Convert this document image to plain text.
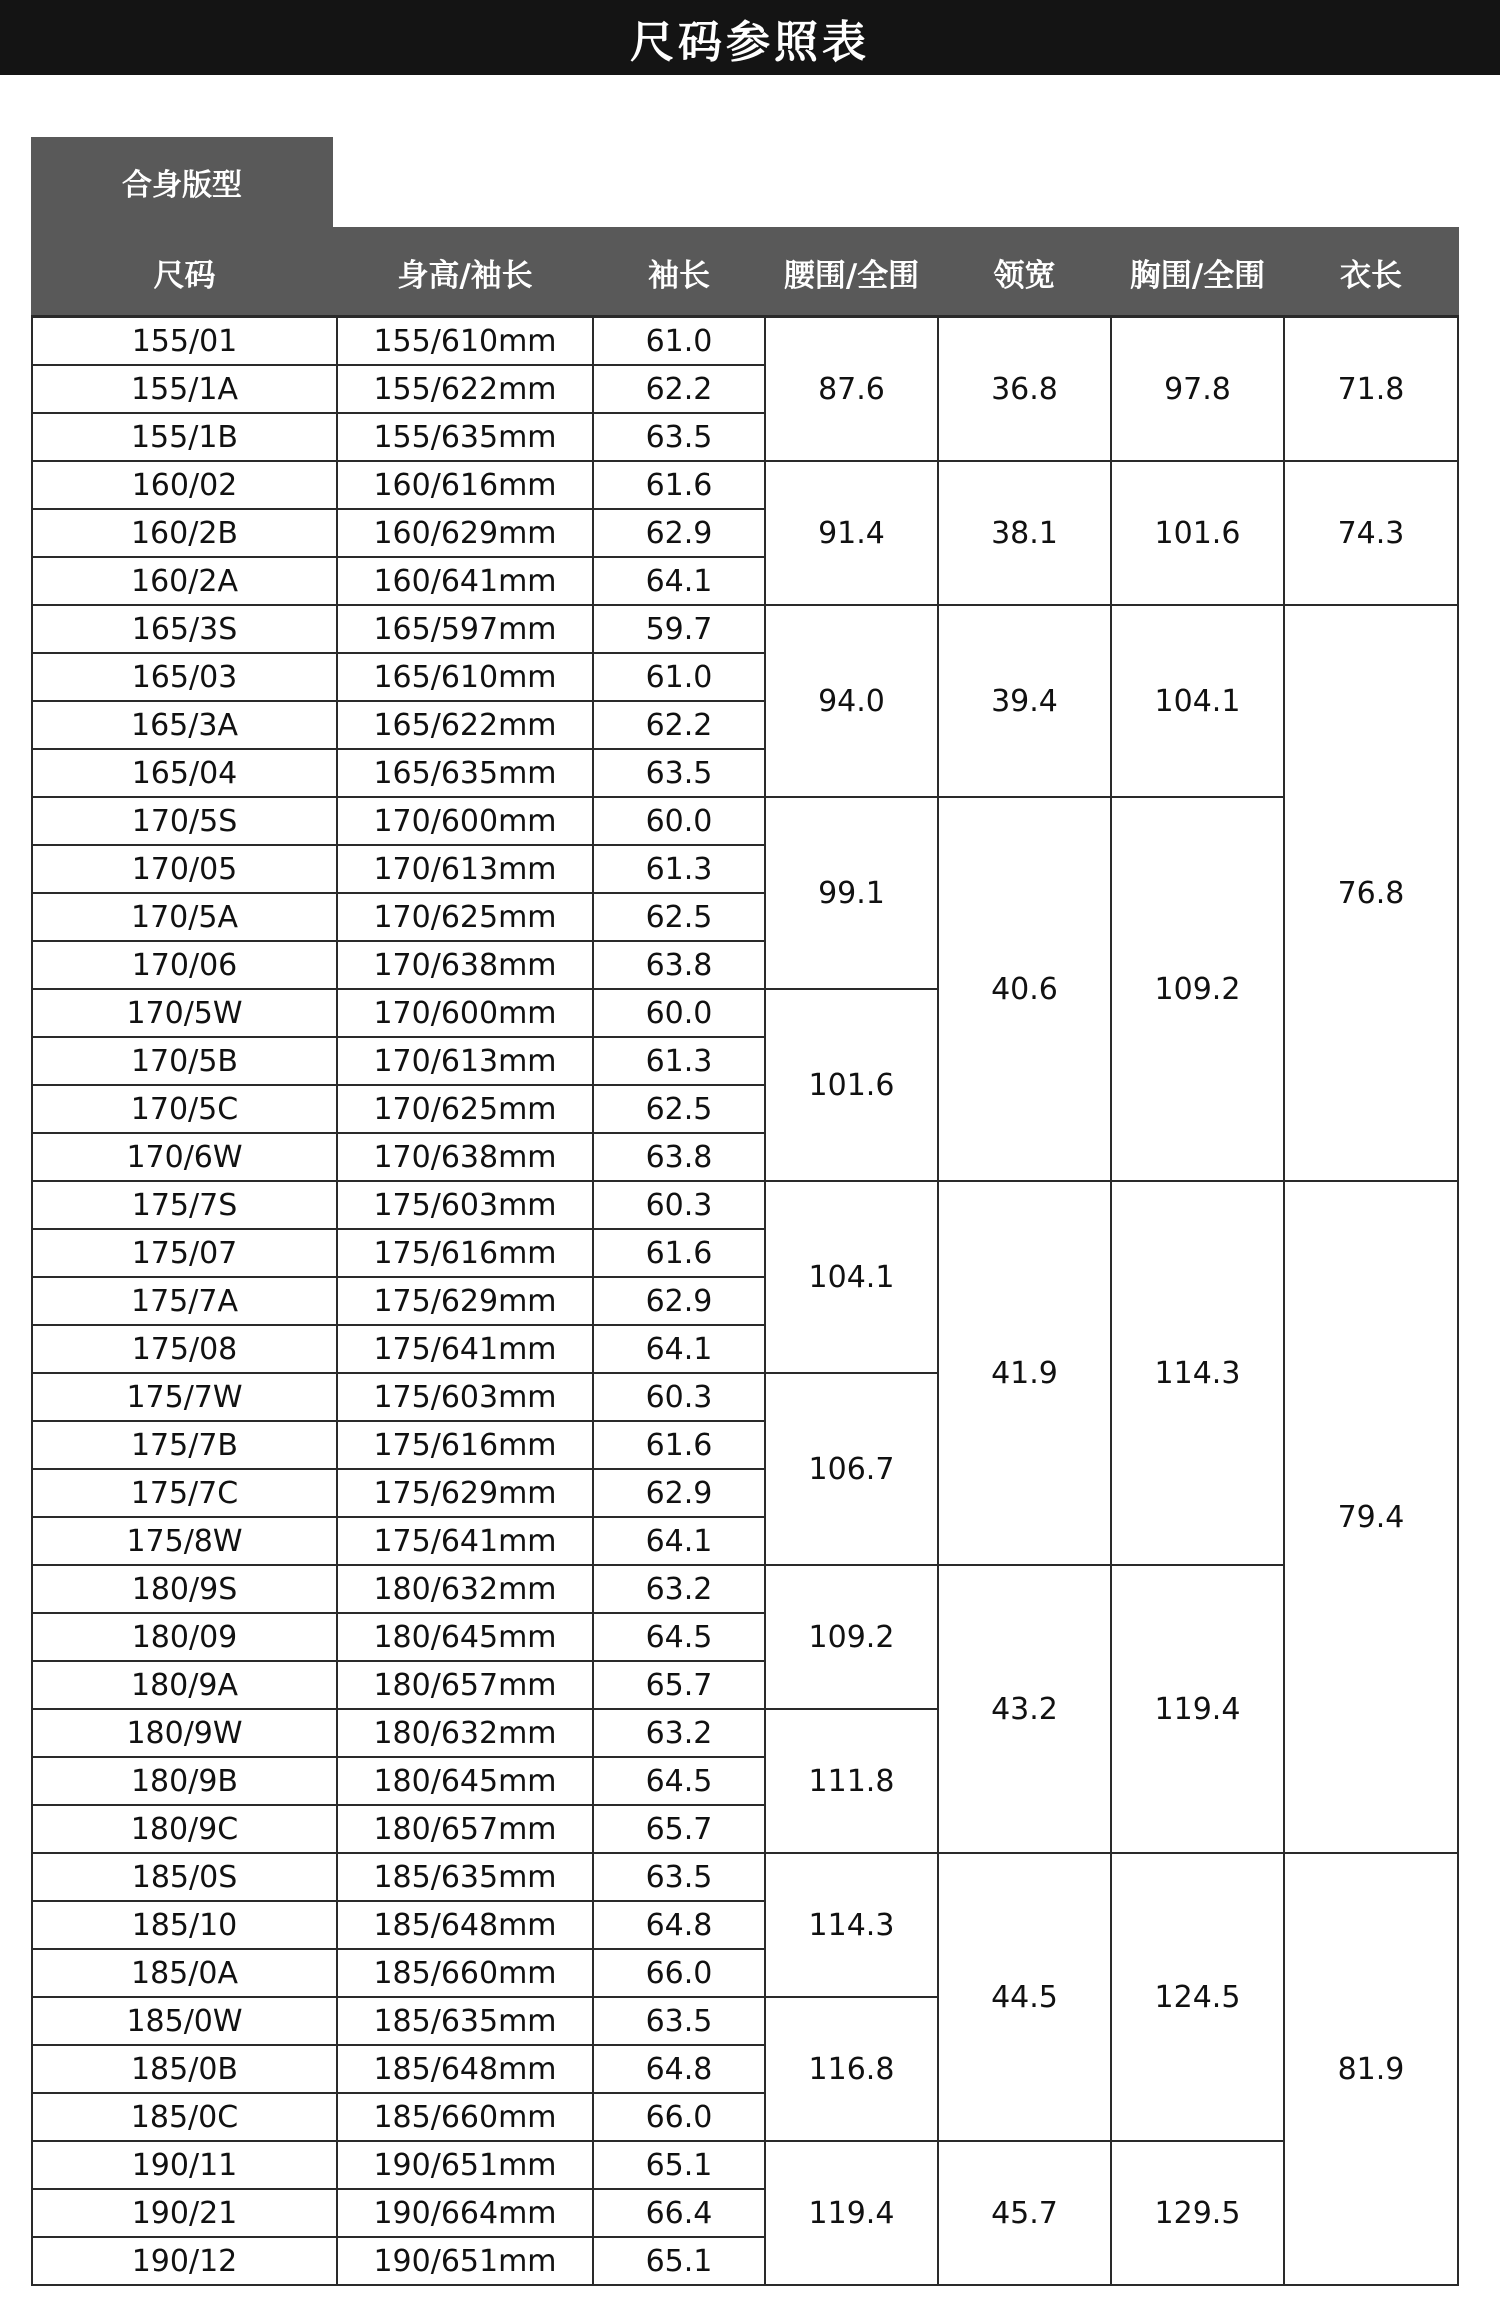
尺码参照表
合身版型
尺码	身高/袖长	袖长	腰围/全围	领宽	胸围/全围	衣长
155/01	155/610mm	61.0	87.6	36.8	97.8	71.8
155/1A	155/622mm	62.2				
155/1B	155/635mm	63.5				
160/02	160/616mm	61.6	91.4	38.1	101.6	74.3
160/2B	160/629mm	62.9				
160/2A	160/641mm	64.1				
165/3S	165/597mm	59.7	94.0	39.4	104.1	76.8
165/03	165/610mm	61.0				
165/3A	165/622mm	62.2				
165/04	165/635mm	63.5				
170/5S	170/600mm	60.0	99.1	40.6	109.2	
170/05	170/613mm	61.3				
170/5A	170/625mm	62.5				
170/06	170/638mm	63.8				
170/5W	170/600mm	60.0	101.6			
170/5B	170/613mm	61.3				
170/5C	170/625mm	62.5				
170/6W	170/638mm	63.8				
175/7S	175/603mm	60.3	104.1	41.9	114.3	79.4
175/07	175/616mm	61.6				
175/7A	175/629mm	62.9				
175/08	175/641mm	64.1				
175/7W	175/603mm	60.3	106.7			
175/7B	175/616mm	61.6				
175/7C	175/629mm	62.9				
175/8W	175/641mm	64.1				
180/9S	180/632mm	63.2	109.2	43.2	119.4	
180/09	180/645mm	64.5				
180/9A	180/657mm	65.7				
180/9W	180/632mm	63.2	111.8			
180/9B	180/645mm	64.5				
180/9C	180/657mm	65.7				
185/0S	185/635mm	63.5	114.3	44.5	124.5	81.9
185/10	185/648mm	64.8				
185/0A	185/660mm	66.0				
185/0W	185/635mm	63.5	116.8			
185/0B	185/648mm	64.8				
185/0C	185/660mm	66.0				
190/11	190/651mm	65.1	119.4	45.7	129.5	
190/21	190/664mm	66.4				
190/12	190/651mm	65.1				
